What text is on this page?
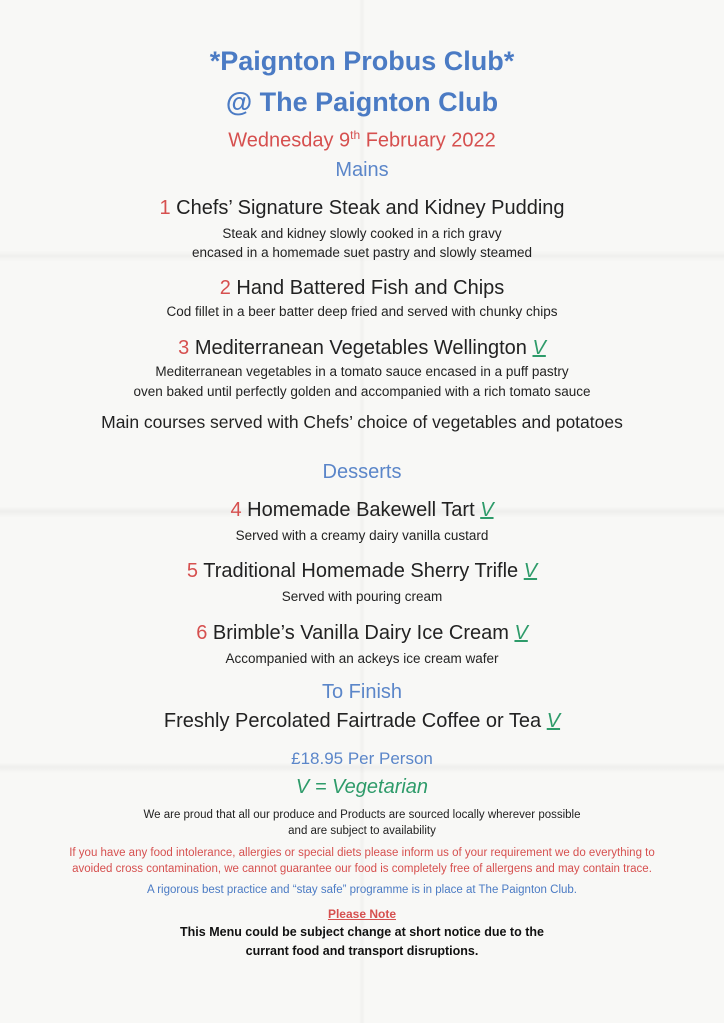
*Paignton Probus Club*
@ The Paignton Club
Wednesday 9th February 2022
Mains
1 Chefs’ Signature Steak and Kidney Pudding
Steak and kidney slowly cooked in a rich gravy
encased in a homemade suet pastry and slowly steamed
2 Hand Battered Fish and Chips
Cod fillet in a beer batter deep fried and served with chunky chips
3 Mediterranean Vegetables Wellington V
Mediterranean vegetables in a tomato sauce encased in a puff pastry
oven baked until perfectly golden and accompanied with a rich tomato sauce
Main courses served with Chefs’ choice of vegetables and potatoes
Desserts
4 Homemade Bakewell Tart V
Served with a creamy dairy vanilla custard
5 Traditional Homemade Sherry Trifle V
Served with pouring cream
6 Brimble’s Vanilla Dairy Ice Cream V
Accompanied with an ackeys ice cream wafer
To Finish
Freshly Percolated Fairtrade Coffee or Tea V
£18.95 Per Person
V = Vegetarian
We are proud that all our produce and Products are sourced locally wherever possible
and are subject to availability
If you have any food intolerance, allergies or special diets please inform us of your requirement we do everything to
avoided cross contamination, we cannot guarantee our food is completely free of allergens and may contain trace.
A rigorous best practice and “stay safe” programme is in place at The Paignton Club.
Please Note
This Menu could be subject change at short notice due to the
currant food and transport disruptions.
